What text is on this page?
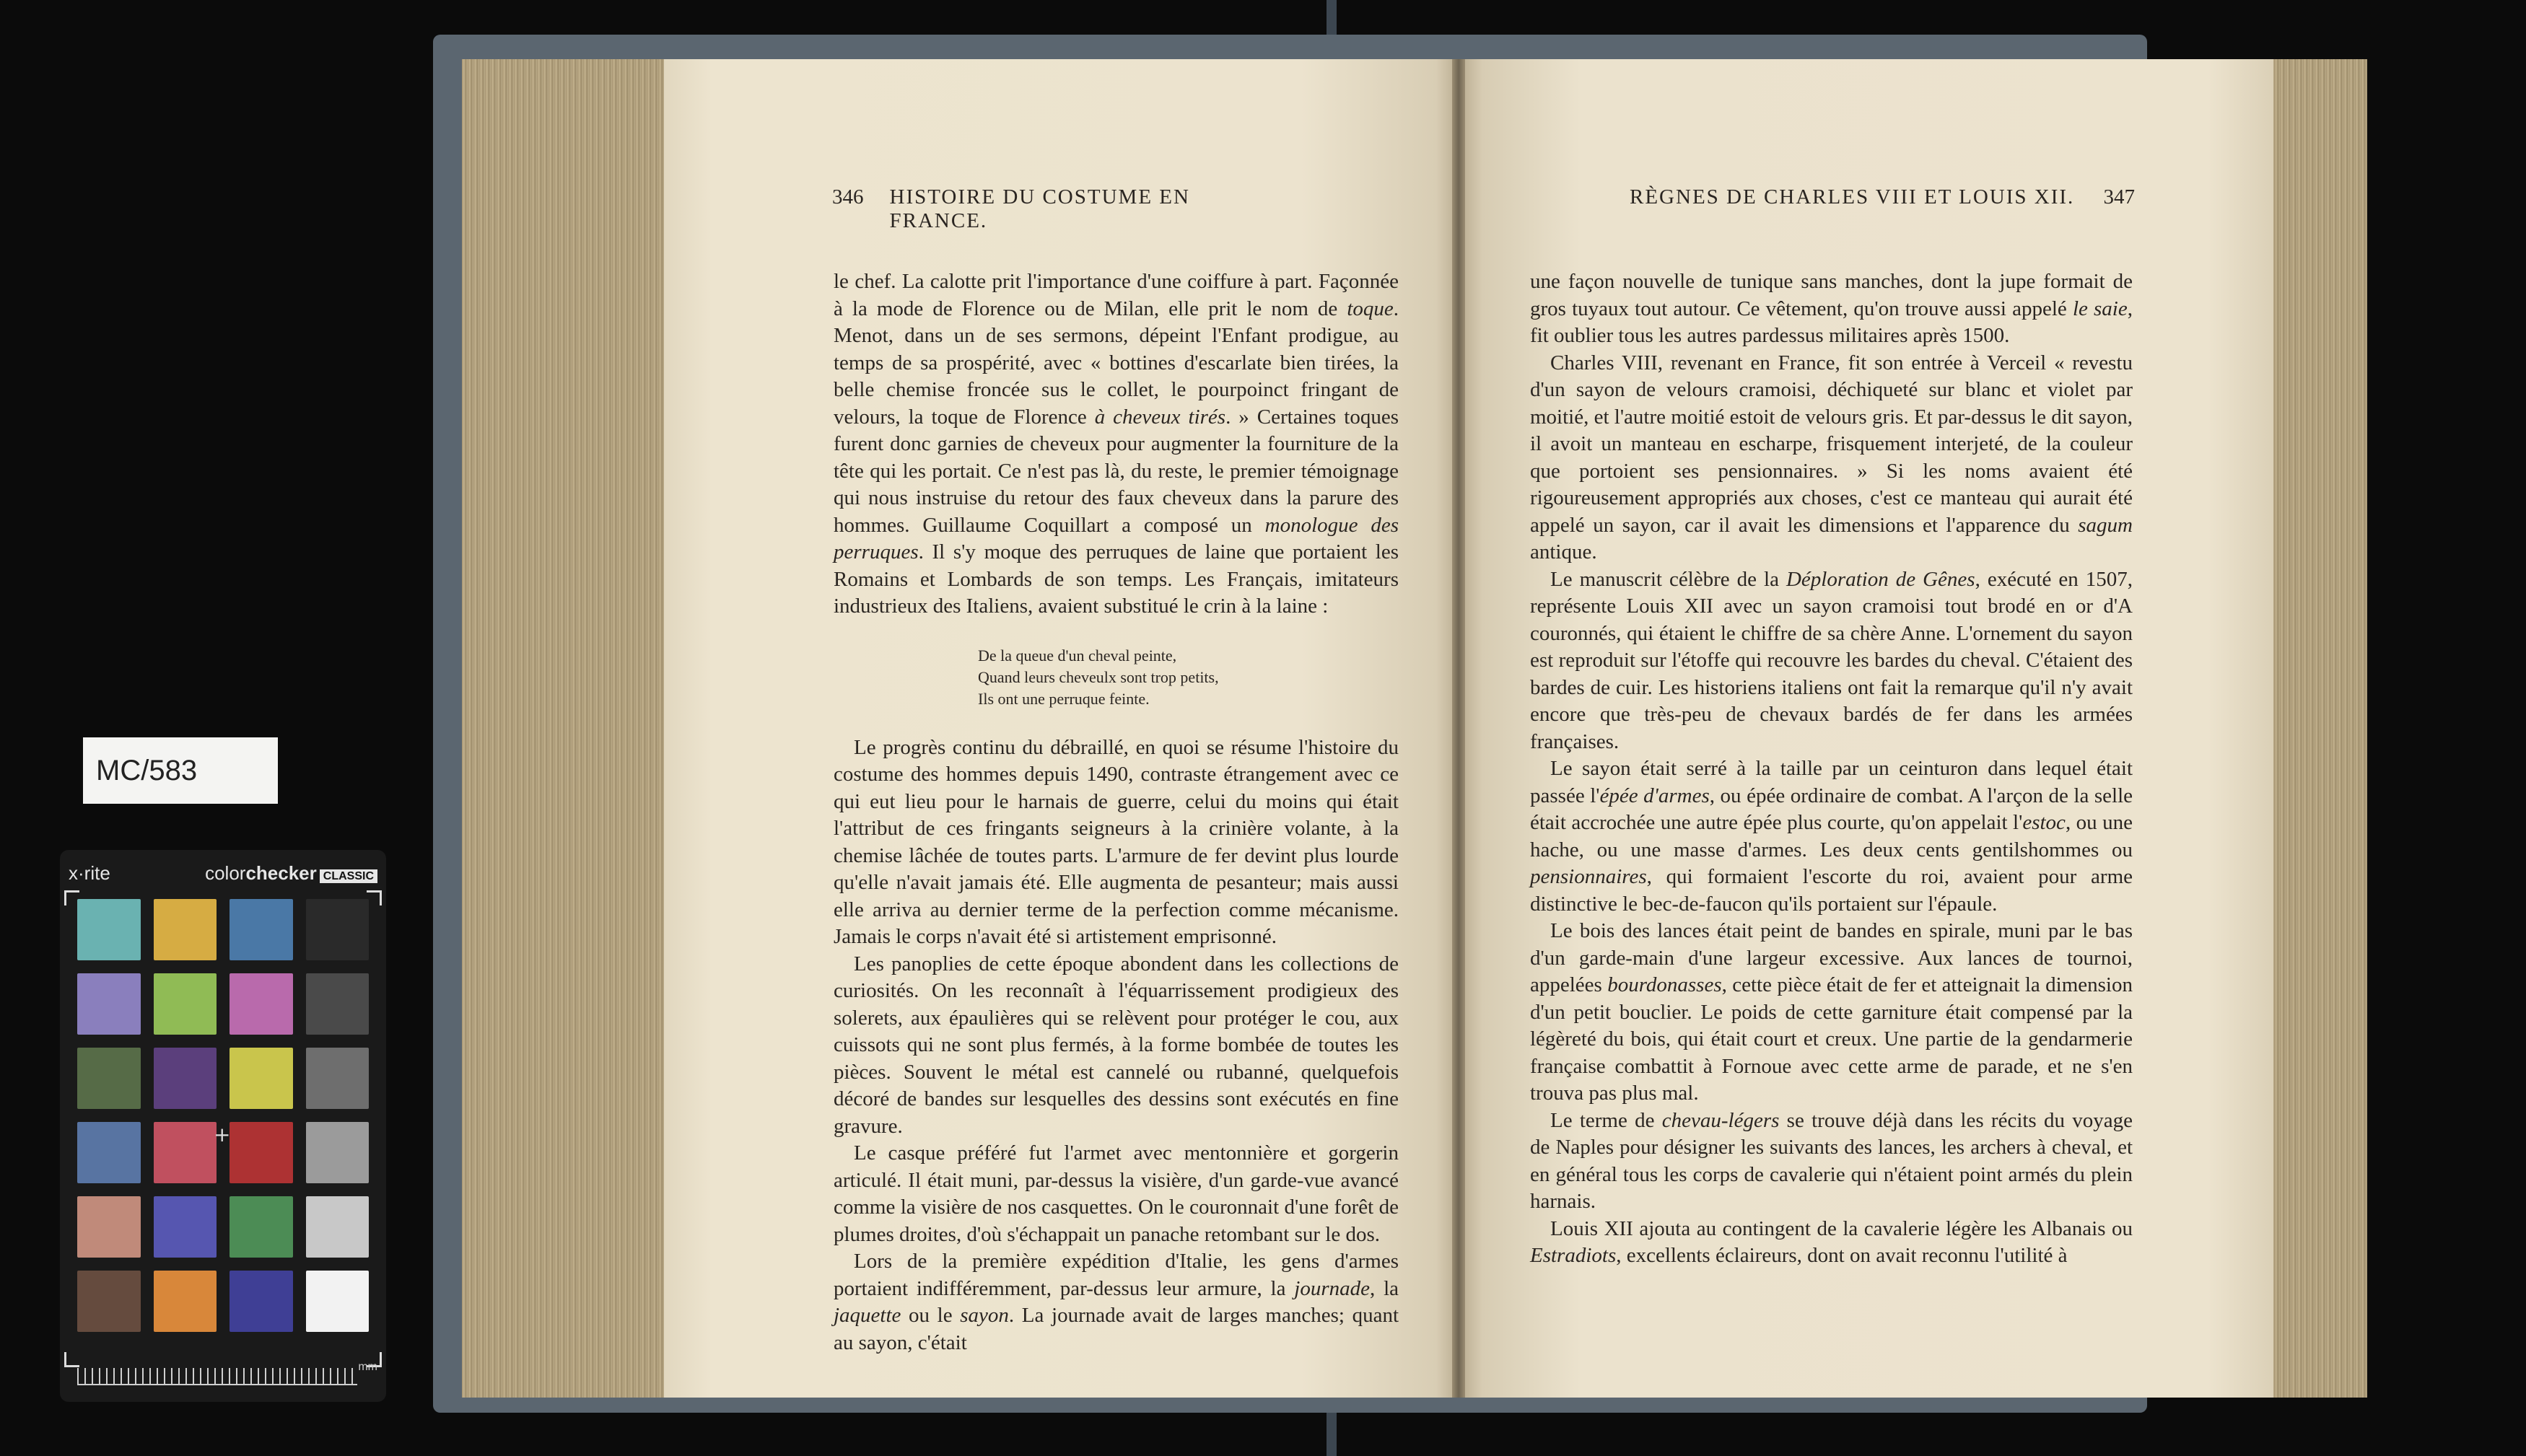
MC/583
x·rite	colorchecker CLASSIC
+
mm
346 HISTOIRE DU COSTUME EN FRANCE.

le chef. La calotte prit l'importance d'une coiffure à part. Façonnée à la mode de Florence ou de Milan, elle prit le nom de toque. Menot, dans un de ses sermons, dépeint l'Enfant prodigue, au temps de sa prospérité, avec « bottines d'escarlate bien tirées, la belle chemise froncée sus le collet, le pourpoinct fringant de velours, la toque de Florence à cheveux tirés. » Certaines toques furent donc garnies de cheveux pour augmenter la fourniture de la tête qui les portait. Ce n'est pas là, du reste, le premier témoignage qui nous instruise du retour des faux cheveux dans la parure des hommes. Guillaume Coquillart a composé un monologue des perruques. Il s'y moque des perruques de laine que portaient les Romains et Lombards de son temps. Les Français, imitateurs industrieux des Italiens, avaient substitué le crin à la laine :

De la queue d'un cheval peinte,
Quand leurs cheveulx sont trop petits,
Ils ont une perruque feinte.

Le progrès continu du débraillé, en quoi se résume l'histoire du costume des hommes depuis 1490, contraste étrangement avec ce qui eut lieu pour le harnais de guerre, celui du moins qui était l'attribut de ces fringants seigneurs à la crinière volante, à la chemise lâchée de toutes parts. L'armure de fer devint plus lourde qu'elle n'avait jamais été. Elle augmenta de pesanteur; mais aussi elle arriva au dernier terme de la perfection comme mécanisme. Jamais le corps n'avait été si artistement emprisonné.

Les panoplies de cette époque abondent dans les collections de curiosités. On les reconnaît à l'équarrissement prodigieux des solerets, aux épaulières qui se relèvent pour protéger le cou, aux cuissots qui ne sont plus fermés, à la forme bombée de toutes les pièces. Souvent le métal est cannelé ou rubanné, quelquefois décoré de bandes sur lesquelles des dessins sont exécutés en fine gravure.

Le casque préféré fut l'armet avec mentonnière et gorgerin articulé. Il était muni, par-dessus la visière, d'un garde-vue avancé comme la visière de nos casquettes. On le couronnait d'une forêt de plumes droites, d'où s'échappait un panache retombant sur le dos.

Lors de la première expédition d'Italie, les gens d'armes portaient indifféremment, par-dessus leur armure, la journade, la jaquette ou le sayon. La journade avait de larges manches; quant au sayon, c'était

RÈGNES DE CHARLES VIII ET LOUIS XII. 347

une façon nouvelle de tunique sans manches, dont la jupe formait de gros tuyaux tout autour. Ce vêtement, qu'on trouve aussi appelé le saie, fit oublier tous les autres pardessus militaires après 1500.

Charles VIII, revenant en France, fit son entrée à Verceil « revestu d'un sayon de velours cramoisi, déchiqueté sur blanc et violet par moitié, et l'autre moitié estoit de velours gris. Et par-dessus le dit sayon, il avoit un manteau en escharpe, frisquement interjeté, de la couleur que portoient ses pensionnaires. » Si les noms avaient été rigoureusement appropriés aux choses, c'est ce manteau qui aurait été appelé un sayon, car il avait les dimensions et l'apparence du sagum antique.

Le manuscrit célèbre de la Déploration de Gênes, exécuté en 1507, représente Louis XII avec un sayon cramoisi tout brodé en or d'A couronnés, qui étaient le chiffre de sa chère Anne. L'ornement du sayon est reproduit sur l'étoffe qui recouvre les bardes du cheval. C'étaient des bardes de cuir. Les historiens italiens ont fait la remarque qu'il n'y avait encore que très-peu de chevaux bardés de fer dans les armées françaises.

Le sayon était serré à la taille par un ceinturon dans lequel était passée l'épée d'armes, ou épée ordinaire de combat. A l'arçon de la selle était accrochée une autre épée plus courte, qu'on appelait l'estoc, ou une hache, ou une masse d'armes. Les deux cents gentilshommes ou pensionnaires, qui formaient l'escorte du roi, avaient pour arme distinctive le bec-de-faucon qu'ils portaient sur l'épaule.

Le bois des lances était peint de bandes en spirale, muni par le bas d'un garde-main d'une largeur excessive. Aux lances de tournoi, appelées bourdonasses, cette pièce était de fer et atteignait la dimension d'un petit bouclier. Le poids de cette garniture était compensé par la légèreté du bois, qui était court et creux. Une partie de la gendarmerie française combattit à Fornoue avec cette arme de parade, et ne s'en trouva pas plus mal.

Le terme de chevau-légers se trouve déjà dans les récits du voyage de Naples pour désigner les suivants des lances, les archers à cheval, et en général tous les corps de cavalerie qui n'étaient point armés du plein harnais.

Louis XII ajouta au contingent de la cavalerie légère les Albanais ou Estradiots, excellents éclaireurs, dont on avait reconnu l'utilité à
